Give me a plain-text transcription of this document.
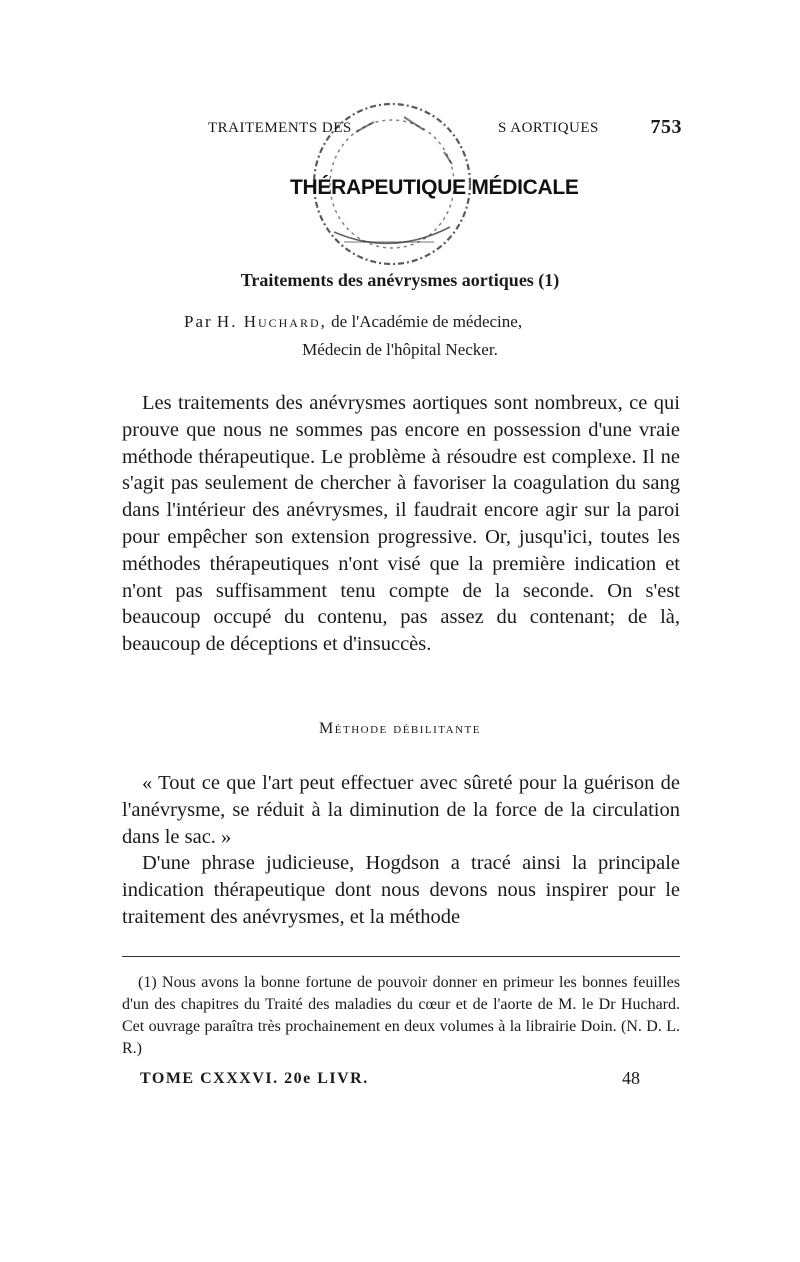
TRAITEMENTS DES	S AORTIQUES	753
THÉRAPEUTIQUE MÉDICALE
Traitements des anévrysmes aortiques (1)
Par H. Huchard, de l'Académie de médecine,
Médecin de l'hôpital Necker.

Les traitements des anévrysmes aortiques sont nombreux, ce qui prouve que nous ne sommes pas encore en possession d'une vraie méthode thérapeutique. Le problème à résoudre est complexe. Il ne s'agit pas seulement de chercher à favoriser la coagulation du sang dans l'intérieur des anévrysmes, il faudrait encore agir sur la paroi pour empêcher son extension progressive. Or, jusqu'ici, toutes les méthodes thérapeutiques n'ont visé que la première indication et n'ont pas suffisamment tenu compte de la seconde. On s'est beaucoup occupé du contenu, pas assez du contenant; de là, beaucoup de déceptions et d'insuccès.

Méthode débilitante

« Tout ce que l'art peut effectuer avec sûreté pour la guérison de l'anévrysme, se réduit à la diminution de la force de la circulation dans le sac. »

D'une phrase judicieuse, Hogdson a tracé ainsi la principale indication thérapeutique dont nous devons nous inspirer pour le traitement des anévrysmes, et la méthode

(1) Nous avons la bonne fortune de pouvoir donner en primeur les bonnes feuilles d'un des chapitres du Traité des maladies du cœur et de l'aorte de M. le Dr Huchard. Cet ouvrage paraîtra très prochainement en deux volumes à la librairie Doin. (N. D. L. R.)

TOME CXXXVI. 20e LIVR.	48
